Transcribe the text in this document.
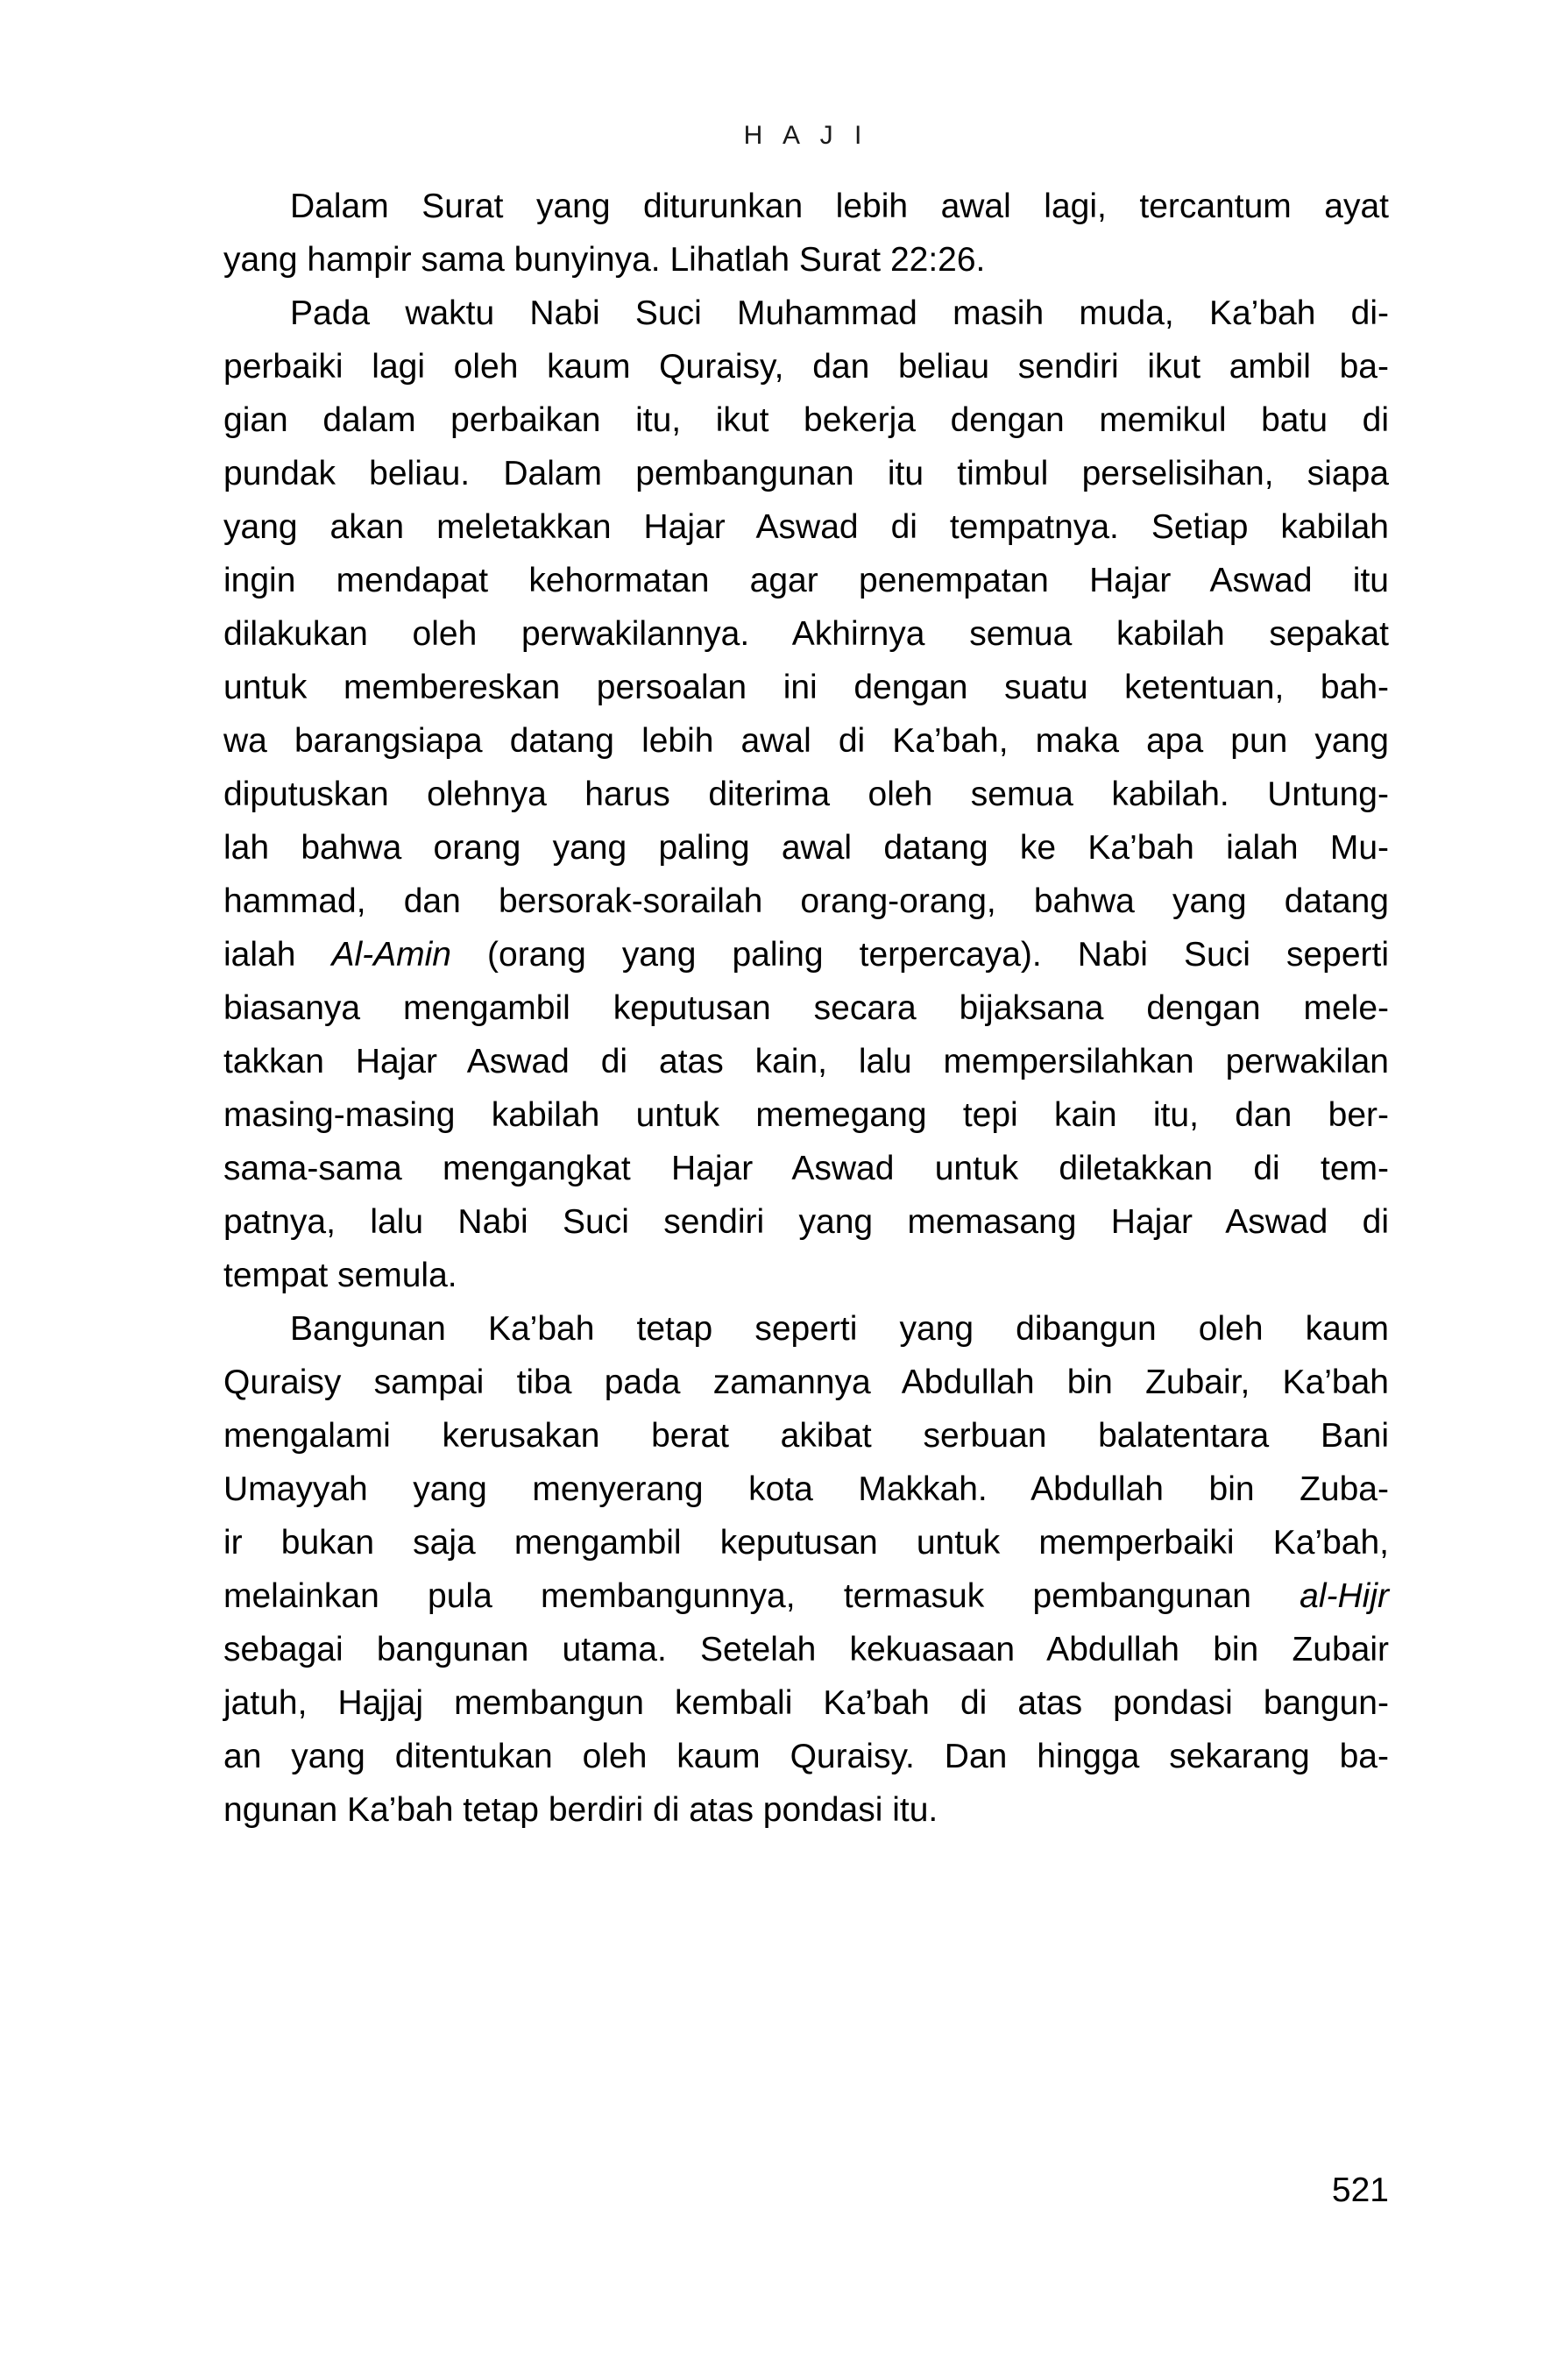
H A J I
Dalam Surat yang diturunkan lebih awal lagi, tercantum ayat
yang hampir sama bunyinya. Lihatlah Surat 22:26.
Pada waktu Nabi Suci Muhammad masih muda, Ka’bah di-
perbaiki lagi oleh kaum Quraisy, dan beliau sendiri ikut ambil ba-
gian dalam perbaikan itu, ikut bekerja dengan memikul batu di
pundak beliau. Dalam pembangunan itu timbul perselisihan, siapa
yang akan meletakkan Hajar Aswad di tempatnya. Setiap kabilah
ingin mendapat kehormatan agar penempatan Hajar Aswad itu
dilakukan oleh perwakilannya. Akhirnya semua kabilah sepakat
untuk membereskan persoalan ini dengan suatu ketentuan, bah-
wa barangsiapa datang lebih awal di Ka’bah, maka apa pun yang
diputuskan olehnya harus diterima oleh semua kabilah. Untung-
lah bahwa orang yang paling awal datang ke Ka’bah ialah Mu-
hammad, dan bersorak-sorailah orang-orang, bahwa yang datang
ialah Al-Amin (orang yang paling terpercaya). Nabi Suci seperti
biasanya mengambil keputusan secara bijaksana dengan mele-
takkan Hajar Aswad di atas kain, lalu mempersilahkan perwakilan
masing-masing kabilah untuk memegang tepi kain itu, dan ber-
sama-sama mengangkat Hajar Aswad untuk diletakkan di tem-
patnya, lalu Nabi Suci sendiri yang memasang Hajar Aswad di
tempat semula.
Bangunan Ka’bah tetap seperti yang dibangun oleh kaum
Quraisy sampai tiba pada zamannya Abdullah bin Zubair, Ka’bah
mengalami kerusakan berat akibat serbuan balatentara Bani
Umayyah yang menyerang kota Makkah. Abdullah bin Zuba-
ir bukan saja mengambil keputusan untuk memperbaiki Ka’bah,
melainkan pula membangunnya, termasuk pembangunan al-Hijr
sebagai bangunan utama. Setelah kekuasaan Abdullah bin Zubair
jatuh, Hajjaj membangun kembali Ka’bah di atas pondasi bangun-
an yang ditentukan oleh kaum Quraisy. Dan hingga sekarang ba-
ngunan Ka’bah tetap berdiri di atas pondasi itu.
521
